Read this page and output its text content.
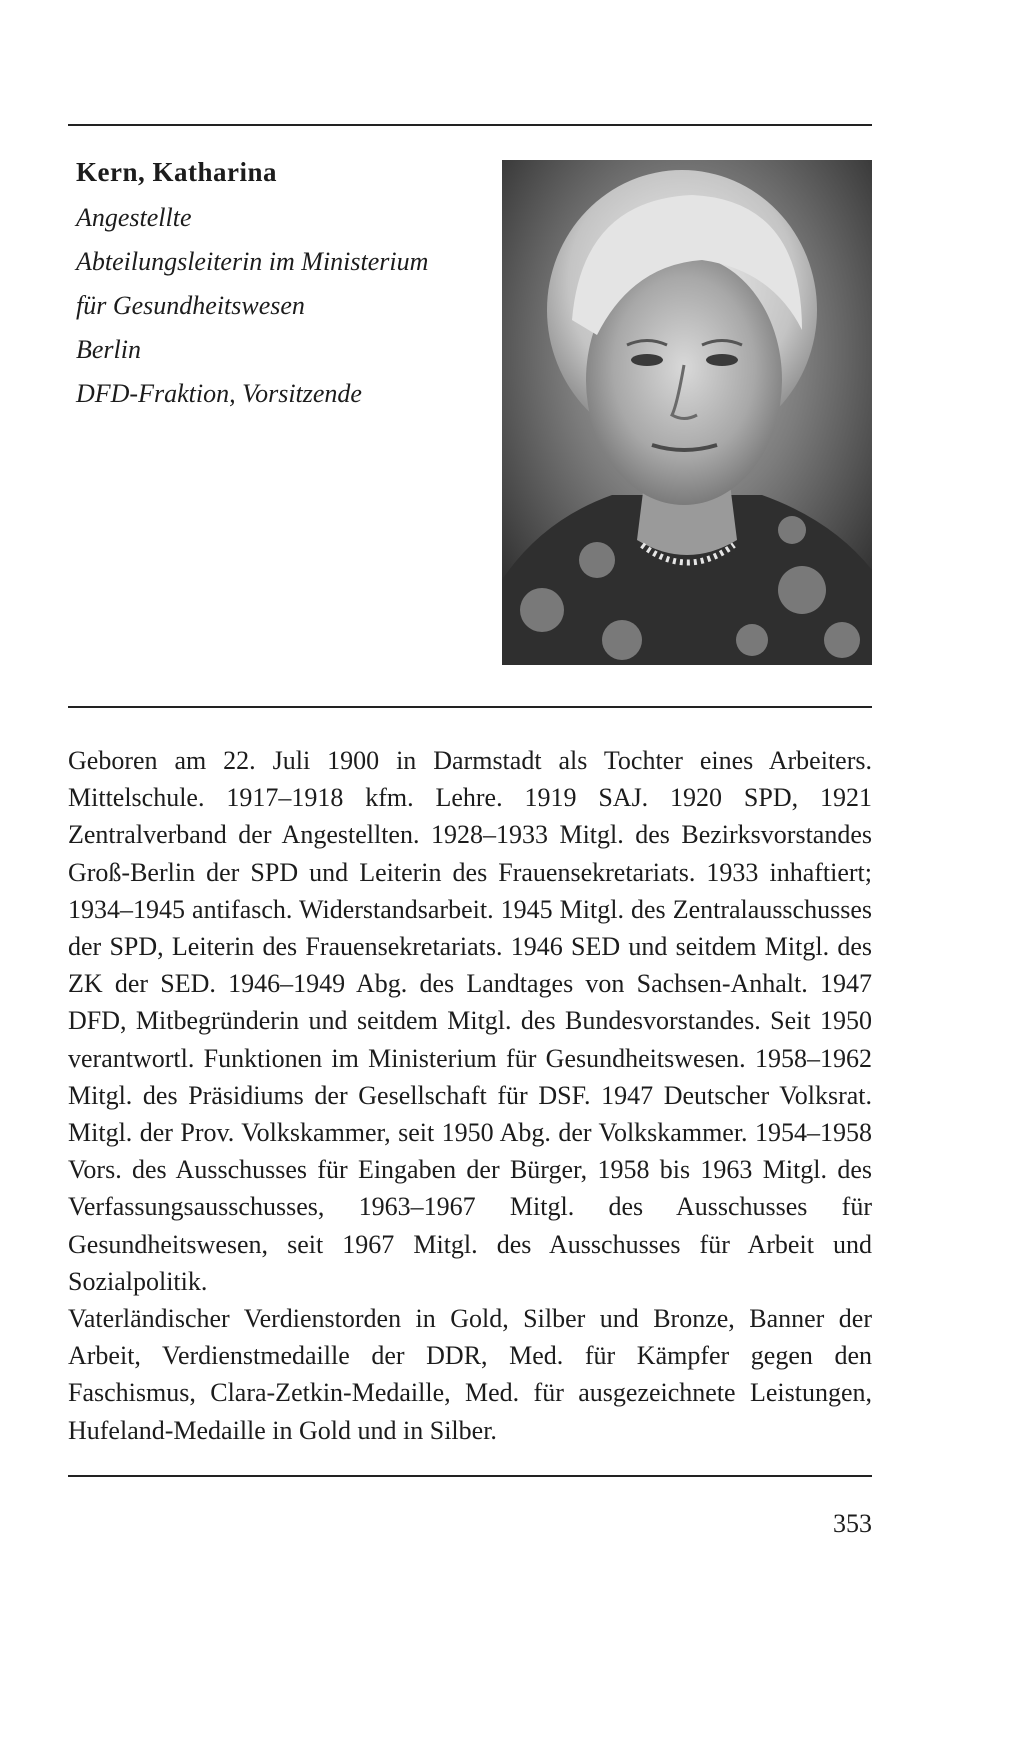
Kern, Katharina
Angestellte
Abteilungsleiterin im Ministerium
für Gesundheitswesen
Berlin
DFD-Fraktion, Vorsitzende

Geboren am 22. Juli 1900 in Darmstadt als Tochter eines Arbeiters. Mittelschule. 1917–1918 kfm. Lehre. 1919 SAJ. 1920 SPD, 1921 Zentralverband der Angestellten. 1928–1933 Mitgl. des Bezirksvorstandes Groß-Berlin der SPD und Leiterin des Frauensekretariats. 1933 inhaftiert; 1934–1945 antifasch. Widerstandsarbeit. 1945 Mitgl. des Zentralausschusses der SPD, Leiterin des Frauensekretariats. 1946 SED und seitdem Mitgl. des ZK der SED. 1946–1949 Abg. des Landtages von Sachsen-Anhalt. 1947 DFD, Mitbegründerin und seitdem Mitgl. des Bundesvorstandes. Seit 1950 verantwortl. Funktionen im Ministerium für Gesundheitswesen. 1958–1962 Mitgl. des Präsidiums der Gesellschaft für DSF. 1947 Deutscher Volksrat. Mitgl. der Prov. Volkskammer, seit 1950 Abg. der Volkskammer. 1954–1958 Vors. des Ausschusses für Eingaben der Bürger, 1958 bis 1963 Mitgl. des Verfassungsausschusses, 1963–1967 Mitgl. des Ausschusses für Gesundheitswesen, seit 1967 Mitgl. des Ausschusses für Arbeit und Sozialpolitik.

Vaterländischer Verdienstorden in Gold, Silber und Bronze, Banner der Arbeit, Verdienstmedaille der DDR, Med. für Kämpfer gegen den Faschismus, Clara-Zetkin-Medaille, Med. für ausgezeichnete Leistungen, Hufeland-Medaille in Gold und in Silber.

353
